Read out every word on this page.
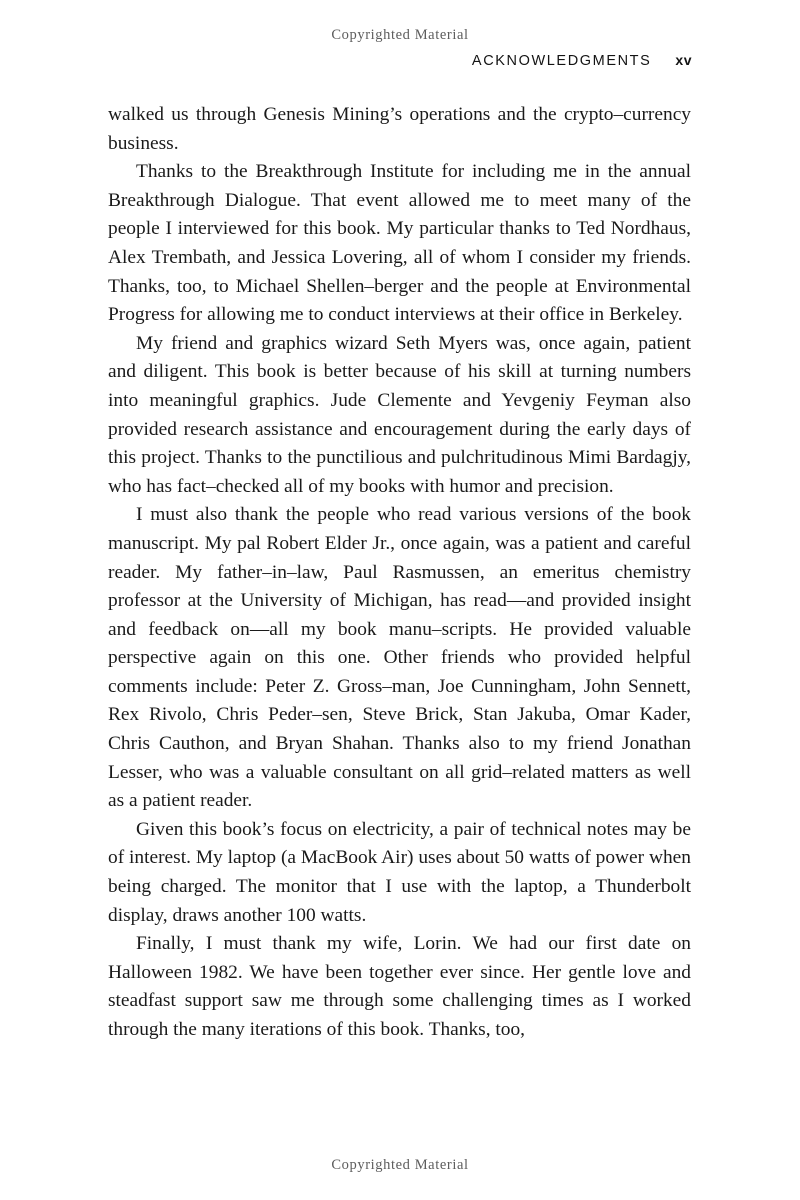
Copyrighted Material
ACKNOWLEDGMENTS xv

walked us through Genesis Mining’s operations and the crypto–currency business.

Thanks to the Breakthrough Institute for including me in the annual Breakthrough Dialogue. That event allowed me to meet many of the people I interviewed for this book. My particular thanks to Ted Nordhaus, Alex Trembath, and Jessica Lovering, all of whom I consider my friends. Thanks, too, to Michael Shellen–berger and the people at Environmental Progress for allowing me to conduct interviews at their office in Berkeley.

My friend and graphics wizard Seth Myers was, once again, patient and diligent. This book is better because of his skill at turning numbers into meaningful graphics. Jude Clemente and Yevgeniy Feyman also provided research assistance and encouragement during the early days of this project. Thanks to the punctilious and pulchritudinous Mimi Bardagjy, who has fact–checked all of my books with humor and precision.

I must also thank the people who read various versions of the book manuscript. My pal Robert Elder Jr., once again, was a patient and careful reader. My father–in–law, Paul Rasmussen, an emeritus chemistry professor at the University of Michigan, has read—and provided insight and feedback on—all my book manu–scripts. He provided valuable perspective again on this one. Other friends who provided helpful comments include: Peter Z. Gross–man, Joe Cunningham, John Sennett, Rex Rivolo, Chris Peder–sen, Steve Brick, Stan Jakuba, Omar Kader, Chris Cauthon, and Bryan Shahan. Thanks also to my friend Jonathan Lesser, who was a valuable consultant on all grid–related matters as well as a patient reader.

Given this book’s focus on electricity, a pair of technical notes may be of interest. My laptop (a MacBook Air) uses about 50 watts of power when being charged. The monitor that I use with the laptop, a Thunderbolt display, draws another 100 watts.

Finally, I must thank my wife, Lorin. We had our first date on Halloween 1982. We have been together ever since. Her gentle love and steadfast support saw me through some challenging times as I worked through the many iterations of this book. Thanks, too,

Copyrighted Material
